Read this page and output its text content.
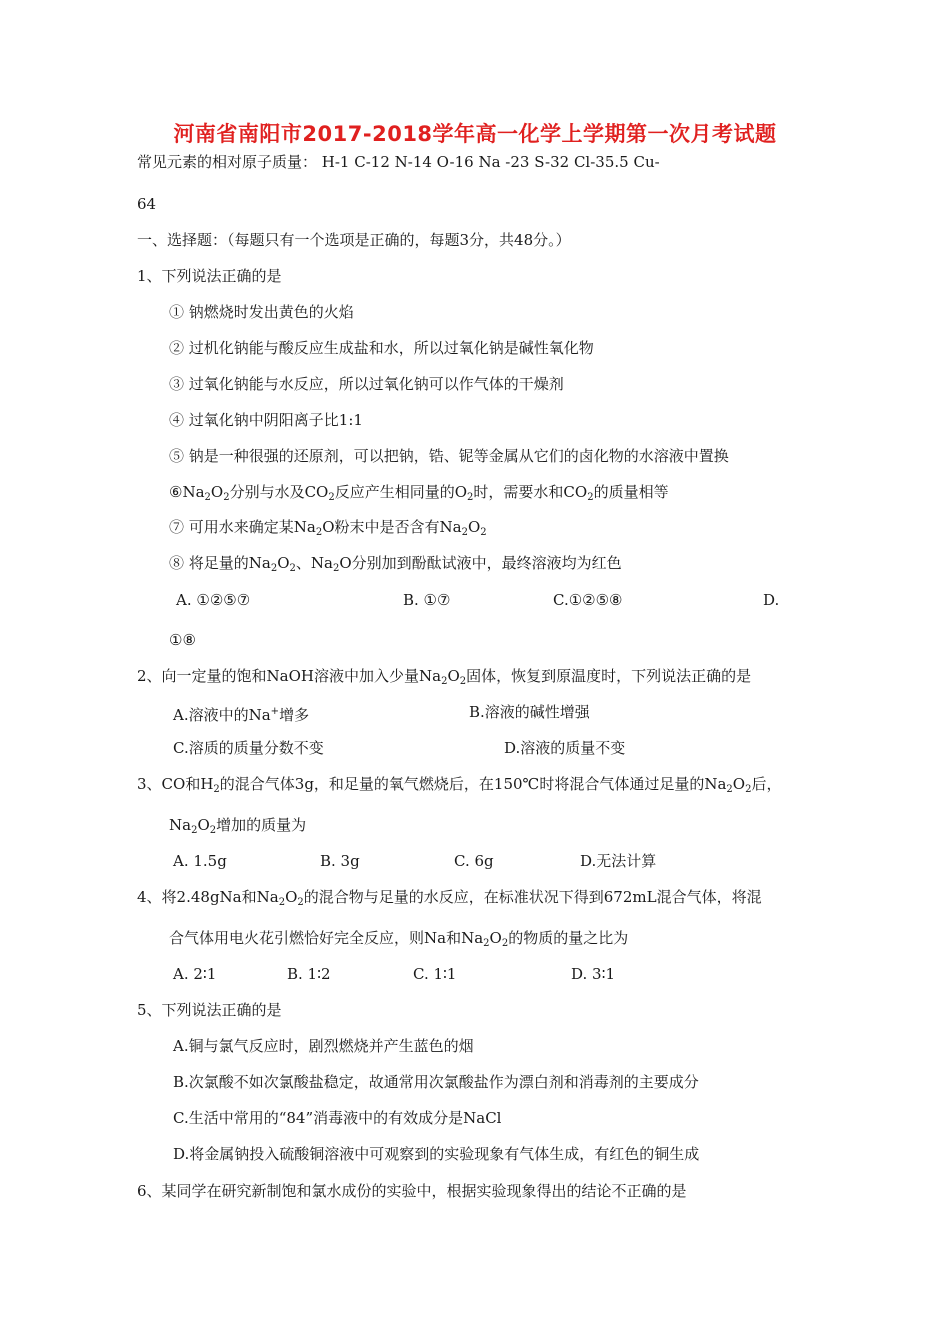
河南省南阳市2017-2018学年高一化学上学期第一次月考试题
常见元素的相对原子质量： H-1 C-12 N-14 O-16 Na -23 S-32 Cl-35.5 Cu-
64
一、选择题：（每题只有一个选项是正确的，每题3分，共48分。）
1、下列说法正确的是
① 钠燃烧时发出黄色的火焰
② 过机化钠能与酸反应生成盐和水，所以过氧化钠是碱性氧化物
③ 过氧化钠能与水反应，所以过氧化钠可以作气体的干燥剂
④ 过氧化钠中阴阳离子比1:1
⑤ 钠是一种很强的还原剂，可以把钠，锆、铌等金属从它们的卤化物的水溶液中置换
$⑥Na_2O_2$分别与水及$CO_2$反应产生相同量的$O_2$时，需要水和$CO_2$的质量相等
⑦ 可用水来确定某$Na_2O$粉末中是否含有$Na_2O_2$
⑧ 将足量的$Na_2O_2$、$Na_2O$分别加到酚酞试液中，最终溶液均为红色
A. ①②⑤⑦	B. ①⑦	C.①②⑤⑧	D.
①⑧
2、向一定量的饱和NaOH溶液中加入少量$Na_2O_2$固体，恢复到原温度时，下列说法正确的是
A.溶液中的Na+增多	B.溶液的碱性增强
C.溶质的质量分数不变	D.溶液的质量不变
3、CO和$H_2$的混合气体3g，和足量的氧气燃烧后，在150℃时将混合气体通过足量的$Na_2O_2$后，
$Na_2O_2$增加的质量为
A. 1.5g	B. 3g	C. 6g	D.无法计算
4、将2.48gNa和$Na_2O_2$的混合物与足量的水反应，在标准状况下得到672mL混合气体，将混
合气体用电火花引燃恰好完全反应，则Na和$Na_2O_2$的物质的量之比为
A. 2∶1	B. 1∶2	C. 1∶1	D. 3∶1
5、下列说法正确的是
A.铜与氯气反应时，剧烈燃烧并产生蓝色的烟
B.次氯酸不如次氯酸盐稳定，故通常用次氯酸盐作为漂白剂和消毒剂的主要成分
C.生活中常用的“84”消毒液中的有效成分是NaCl
D.将金属钠投入硫酸铜溶液中可观察到的实验现象有气体生成，有红色的铜生成
6、某同学在研究新制饱和氯水成份的实验中，根据实验现象得出的结论不正确的是
